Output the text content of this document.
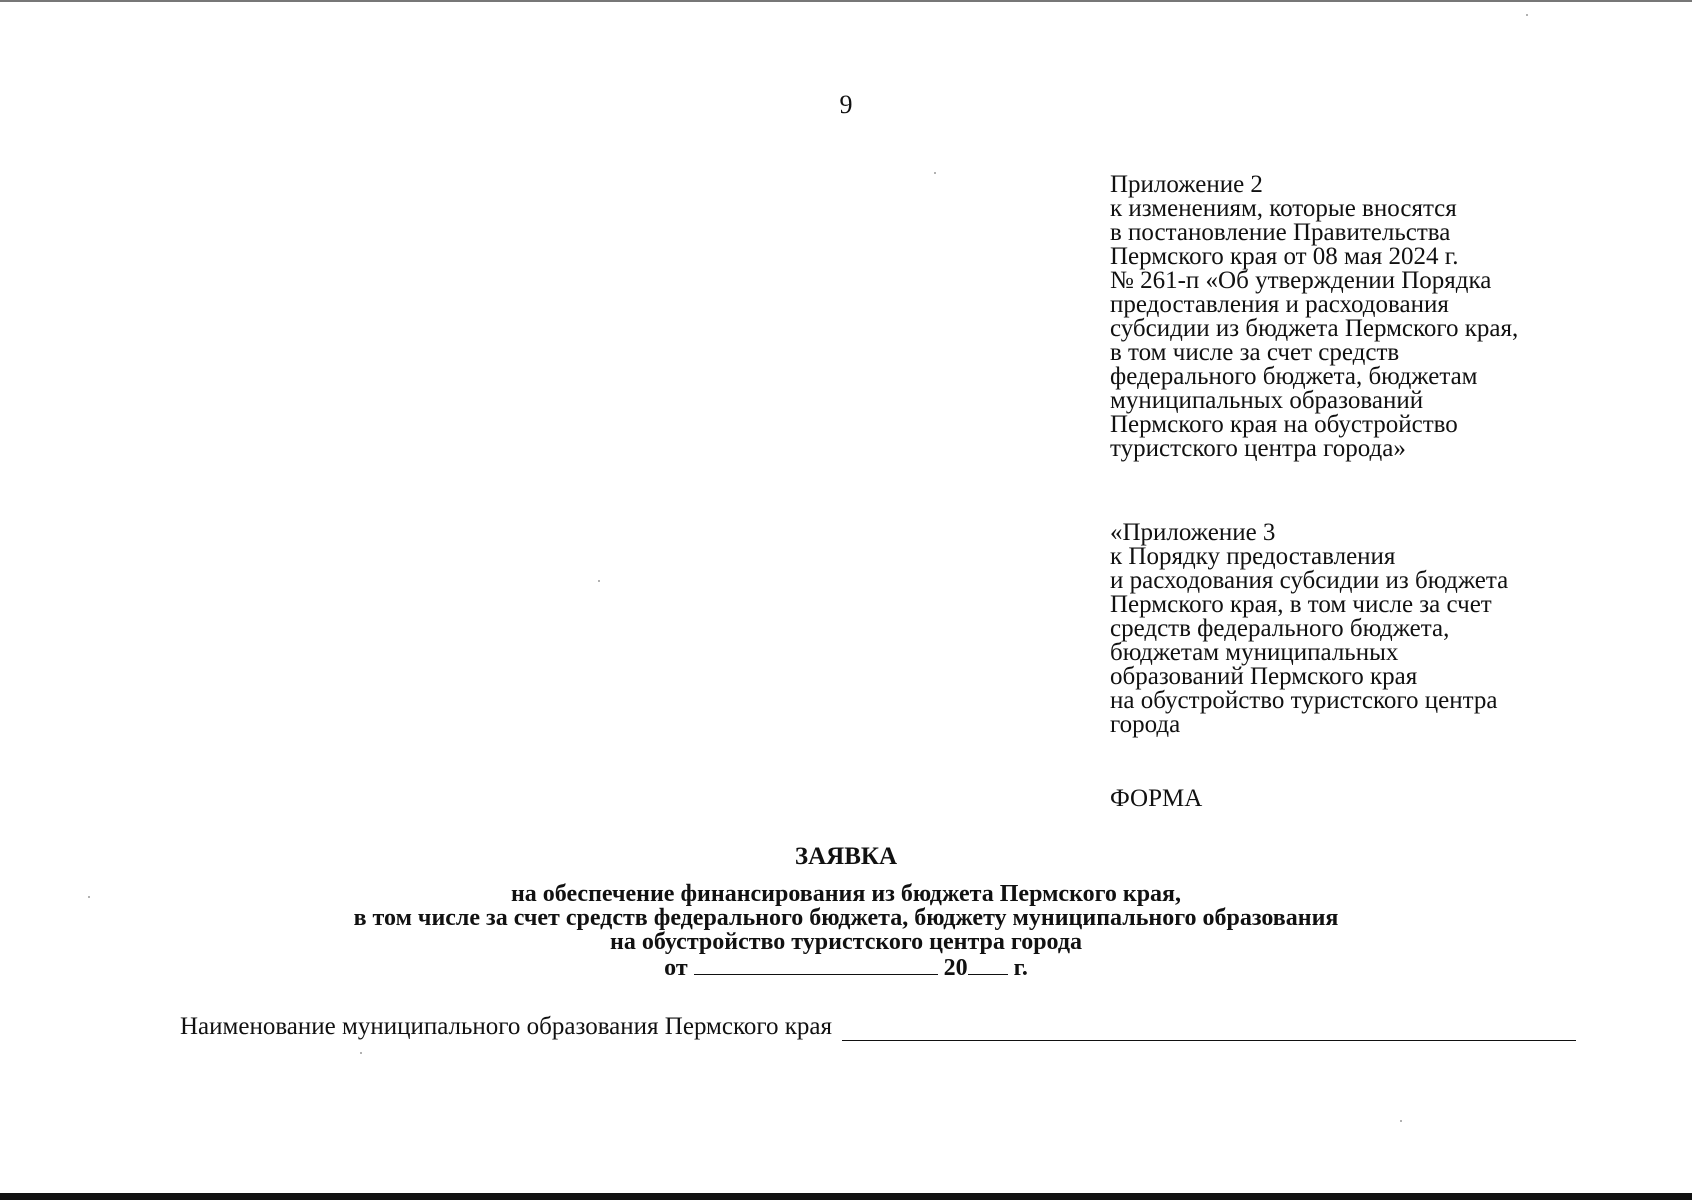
9
Приложение 2
к изменениям, которые вносятся
в постановление Правительства
Пермского края от 08 мая 2024 г.
№ 261-п «Об утверждении Порядка
предоставления и расходования
субсидии из бюджета Пермского края,
в том числе за счет средств
федерального бюджета, бюджетам
муниципальных образований
Пермского края на обустройство
туристского центра города»
«Приложение 3
к Порядку предоставления
и расходования субсидии из бюджета
Пермского края, в том числе за счет
средств федерального бюджета,
бюджетам муниципальных
образований Пермского края
на обустройство туристского центра
города
ФОРМА
ЗАЯВКА
на обеспечение финансирования из бюджета Пермского края,
в том числе за счет средств федерального бюджета, бюджету муниципального образования
на обустройство туристского центра города
от	20 г.
Наименование муниципального образования Пермского края
